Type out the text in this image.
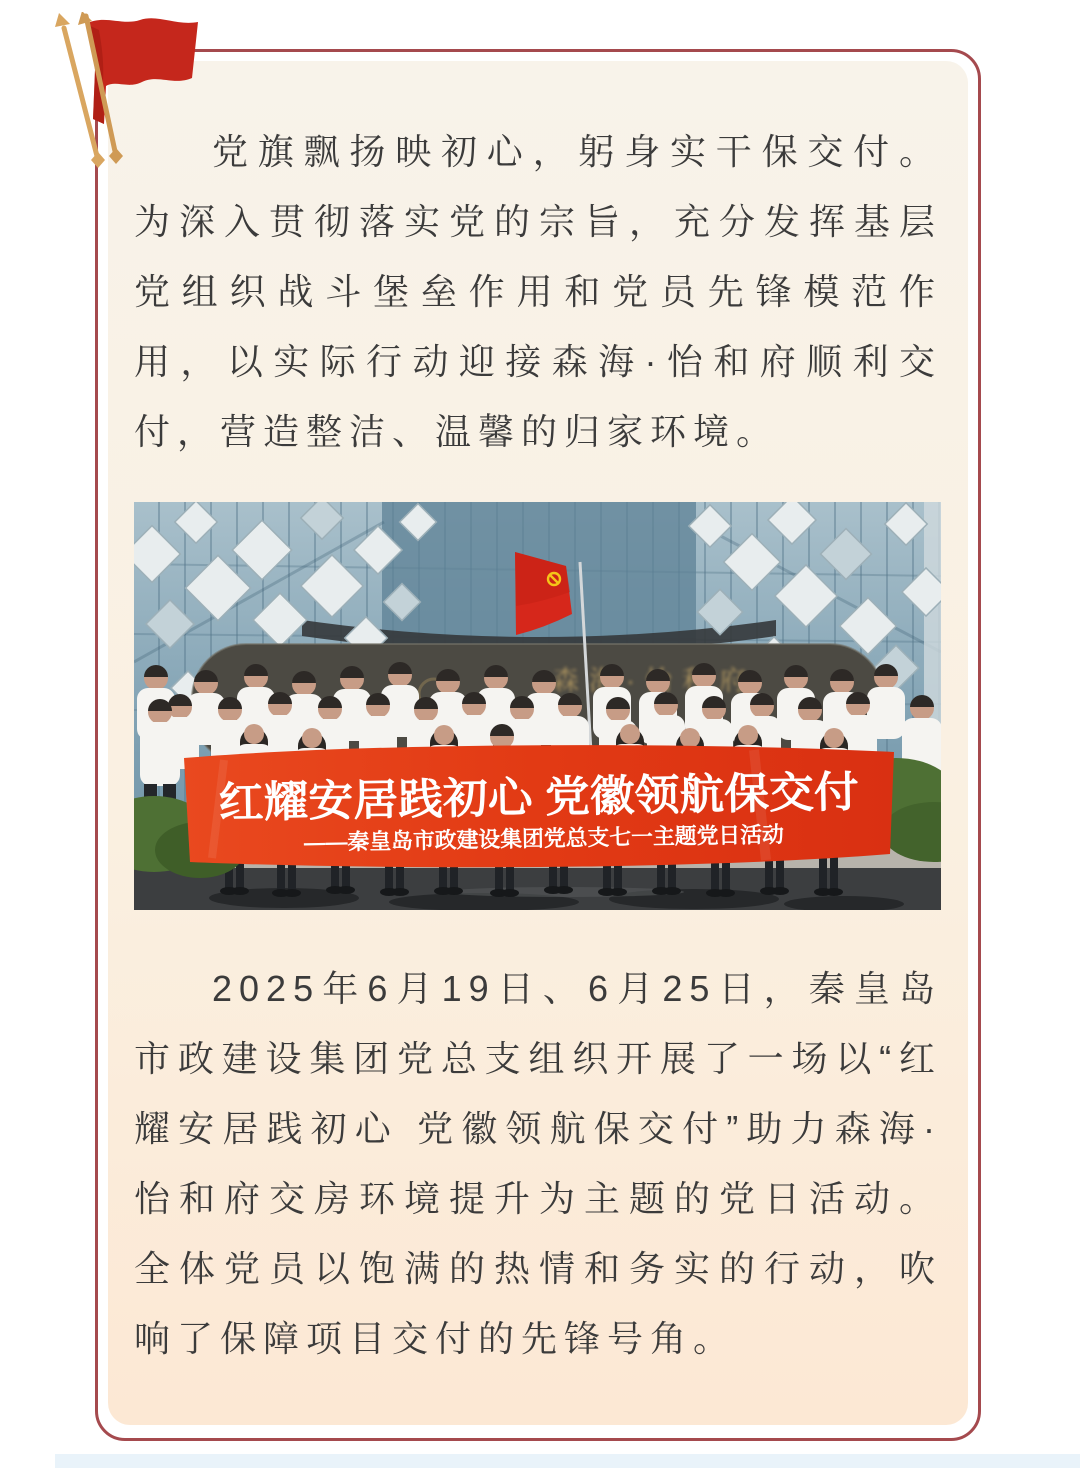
党旗飘扬映初心，躬身实干保交付。为深入贯彻落实党的宗旨，充分发挥基层党组织战斗堡垒作用和党员先锋模范作用，以实际行动迎接森海·怡和府顺利交付，营造整洁、温馨的归家环境。

红耀安居践初心 党徽领航保交付
——秦皇岛市政建设集团党总支七一主题党日活动

2025年6月19日、6月25日，秦皇岛市政建设集团党总支组织开展了一场以“红耀安居践初心 党徽领航保交付”助力森海·怡和府交房环境提升为主题的党日活动。全体党员以饱满的热情和务实的行动，吹响了保障项目交付的先锋号角。
